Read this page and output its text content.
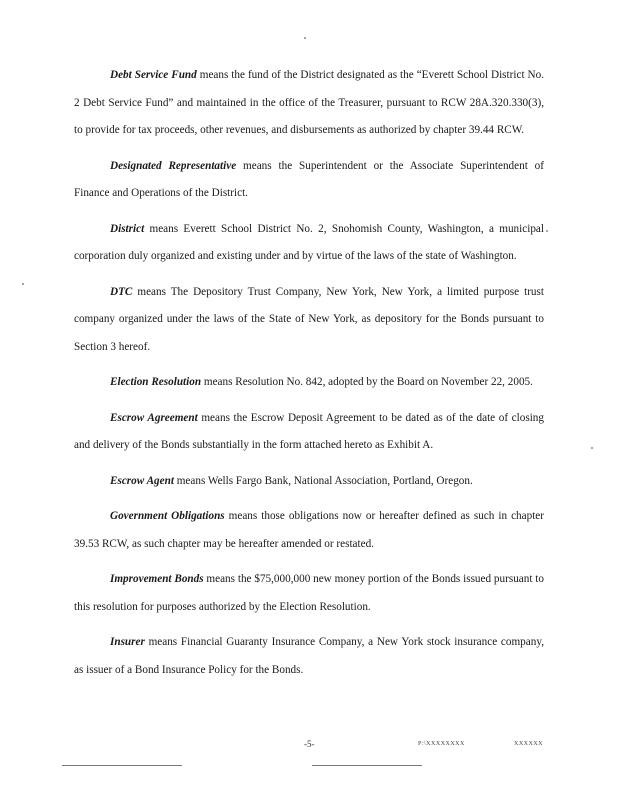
Debt Service Fund means the fund of the District designated as the “Everett School District No. 2 Debt Service Fund” and maintained in the office of the Treasurer, pursuant to RCW 28A.320.330(3), to provide for tax proceeds, other revenues, and disbursements as authorized by chapter 39.44 RCW.

Designated Representative means the Superintendent or the Associate Superintendent of Finance and Operations of the District.

District means Everett School District No. 2, Snohomish County, Washington, a municipal corporation duly organized and existing under and by virtue of the laws of the state of Washington.

DTC means The Depository Trust Company, New York, New York, a limited purpose trust company organized under the laws of the State of New York, as depository for the Bonds pursuant to Section 3 hereof.

Election Resolution means Resolution No. 842, adopted by the Board on November 22, 2005.

Escrow Agreement means the Escrow Deposit Agreement to be dated as of the date of closing and delivery of the Bonds substantially in the form attached hereto as Exhibit A.

Escrow Agent means Wells Fargo Bank, National Association, Portland, Oregon.

Government Obligations means those obligations now or hereafter defined as such in chapter 39.53 RCW, as such chapter may be hereafter amended or restated.

Improvement Bonds means the $75,000,000 new money portion of the Bonds issued pursuant to this resolution for purposes authorized by the Election Resolution.

Insurer means Financial Guaranty Insurance Company, a New York stock insurance company, as issuer of a Bond Insurance Policy for the Bonds.

-5-	P:\XXXXXXXX	XXXXXX
